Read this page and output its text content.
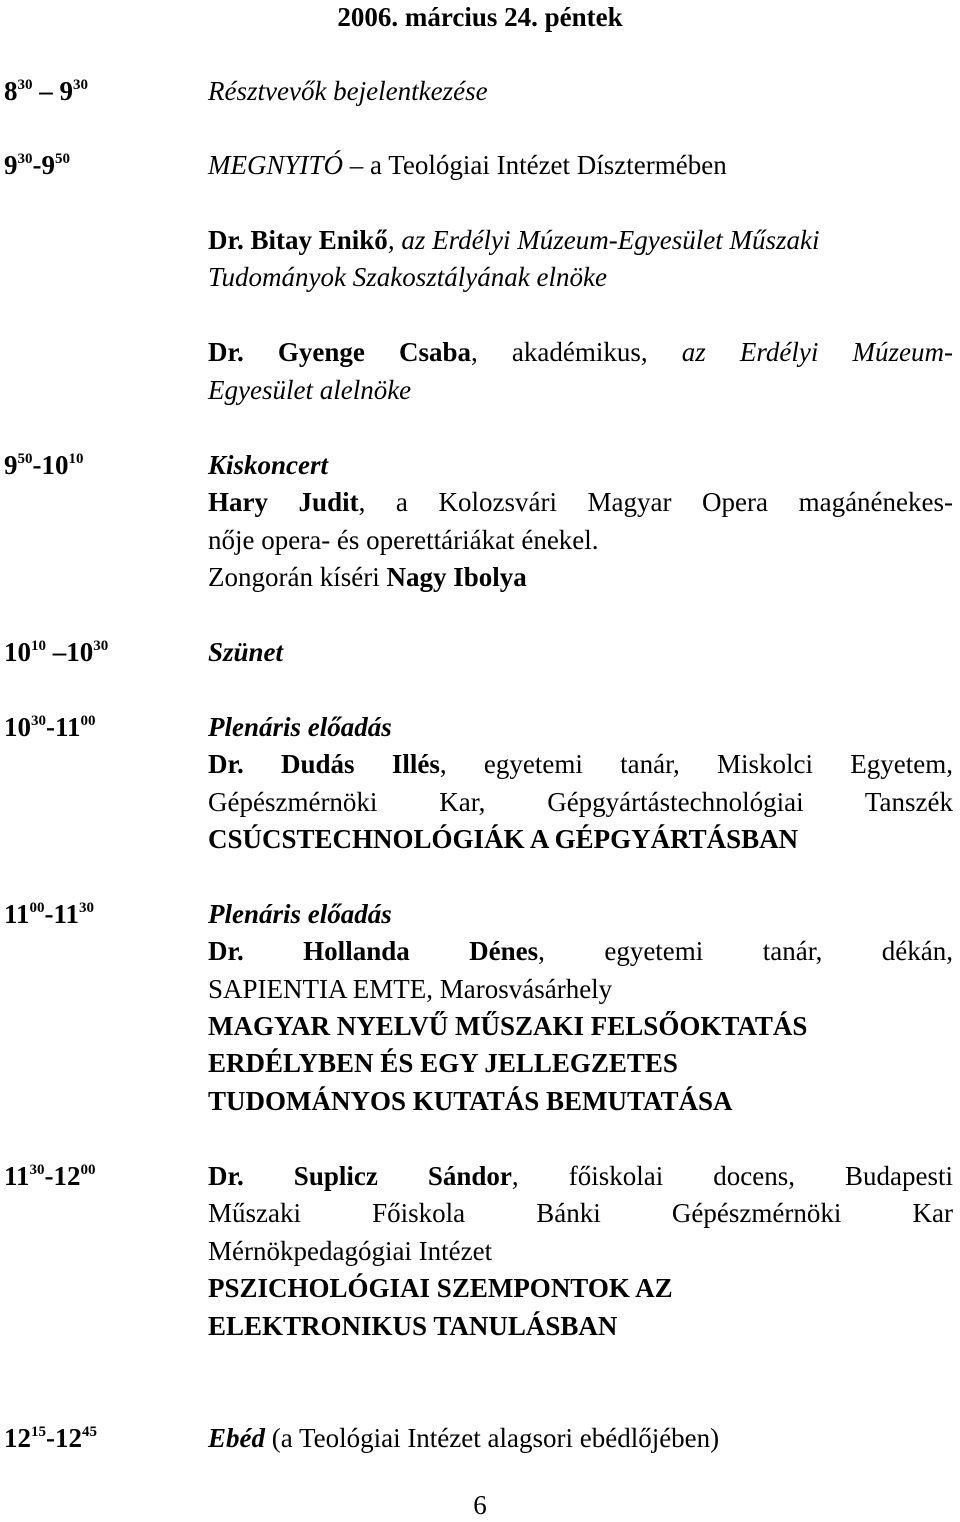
2006. március 24. péntek
$8^{30} - 9^{30}$	Résztvevők bejelentkezése
$9^{30}-9^{50}$	MEGNYITÓ – a Teológiai Intézet Dísztermében
Dr. Bitay Enikő, az Erdélyi Múzeum-Egyesület Műszaki
Tudományok Szakosztályának elnöke
Dr. Gyenge Csaba, akadémikus, az Erdélyi Múzeum-
Egyesület alelnöke
$9^{50}-10^{10}$	Kiskoncert
Hary Judit, a Kolozsvári Magyar Opera magánénekes-
nője opera- és operettáriákat énekel.
Zongorán kíséri Nagy Ibolya
$10^{10}$ $-10^{30}$	Szünet
$10^{30}-11^{00}$	Plenáris előadás
Dr. Dudás Illés, egyetemi tanár, Miskolci Egyetem,
Gépészmérnöki Kar, Gépgyártástechnológiai Tanszék
CSÚCSTECHNOLÓGIÁK A GÉPGYÁRTÁSBAN
$11^{00}-11^{30}$	Plenáris előadás
Dr. Hollanda Dénes, egyetemi tanár, dékán,
SAPIENTIA EMTE, Marosvásárhely
MAGYAR NYELVŰ MŰSZAKI FELSŐOKTATÁS
ERDÉLYBEN ÉS EGY JELLEGZETES
TUDOMÁNYOS KUTATÁS BEMUTATÁSA
$11^{30}-12^{00}$	Dr. Suplicz Sándor, főiskolai docens, Budapesti
Műszaki Főiskola Bánki Gépészmérnöki Kar
Mérnökpedagógiai Intézet
PSZICHOLÓGIAI SZEMPONTOK AZ
ELEKTRONIKUS TANULÁSBAN
$12^{15}-12^{45}$	Ebéd (a Teológiai Intézet alagsori ebédlőjében)
6
